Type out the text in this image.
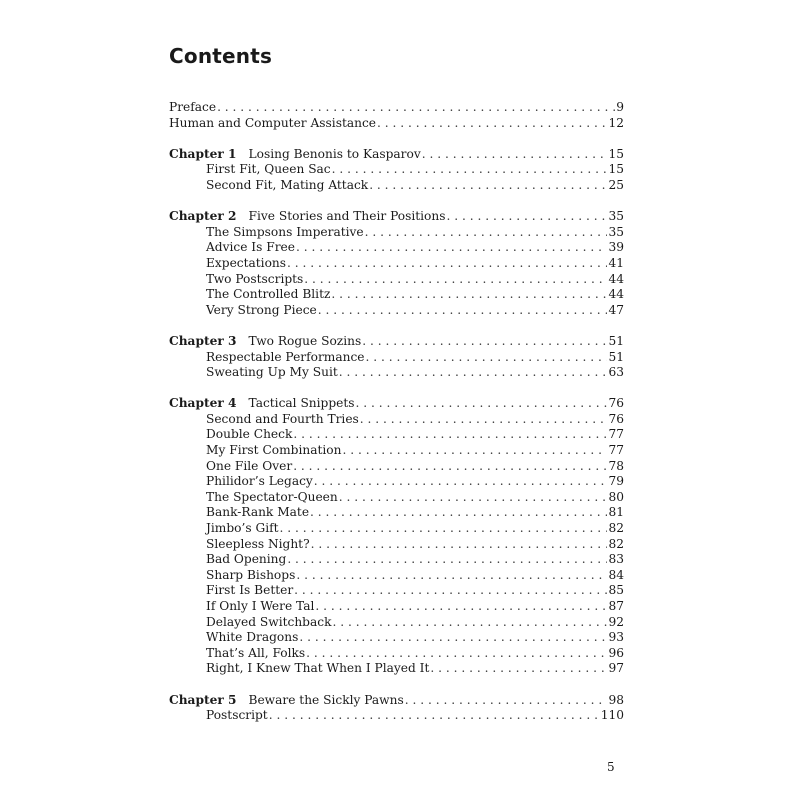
Contents
Preface . . .	9
Human and Computer Assistance . . .	12
Chapter 1 Losing Benonis to Kasparov . . .	15
First Fit, Queen Sac . . .	15
Second Fit, Mating Attack . . .	25
Chapter 2 Five Stories and Their Positions . . .	35
The Simpsons Imperative . . .	35
Advice Is Free . . .	39
Expectations . . .	41
Two Postscripts . . .	44
The Controlled Blitz . . .	44
Very Strong Piece . . .	47
Chapter 3 Two Rogue Sozins . . .	51
Respectable Performance . . .	51
Sweating Up My Suit . . .	63
Chapter 4 Tactical Snippets . . .	76
Second and Fourth Tries . . .	76
Double Check . . .	77
My First Combination . . .	77
One File Over . . .	78
Philidor’s Legacy . . .	79
The Spectator-Queen . . .	80
Bank-Rank Mate . . .	81
Jimbo’s Gift . . .	82
Sleepless Night? . . .	82
Bad Opening . . .	83
Sharp Bishops . . .	84
First Is Better . . .	85
If Only I Were Tal . . .	87
Delayed Switchback . . .	92
White Dragons . . .	93
That’s All, Folks . . .	96
Right, I Knew That When I Played It . . .	97
Chapter 5 Beware the Sickly Pawns . . .	98
Postscript . . .	110
5
